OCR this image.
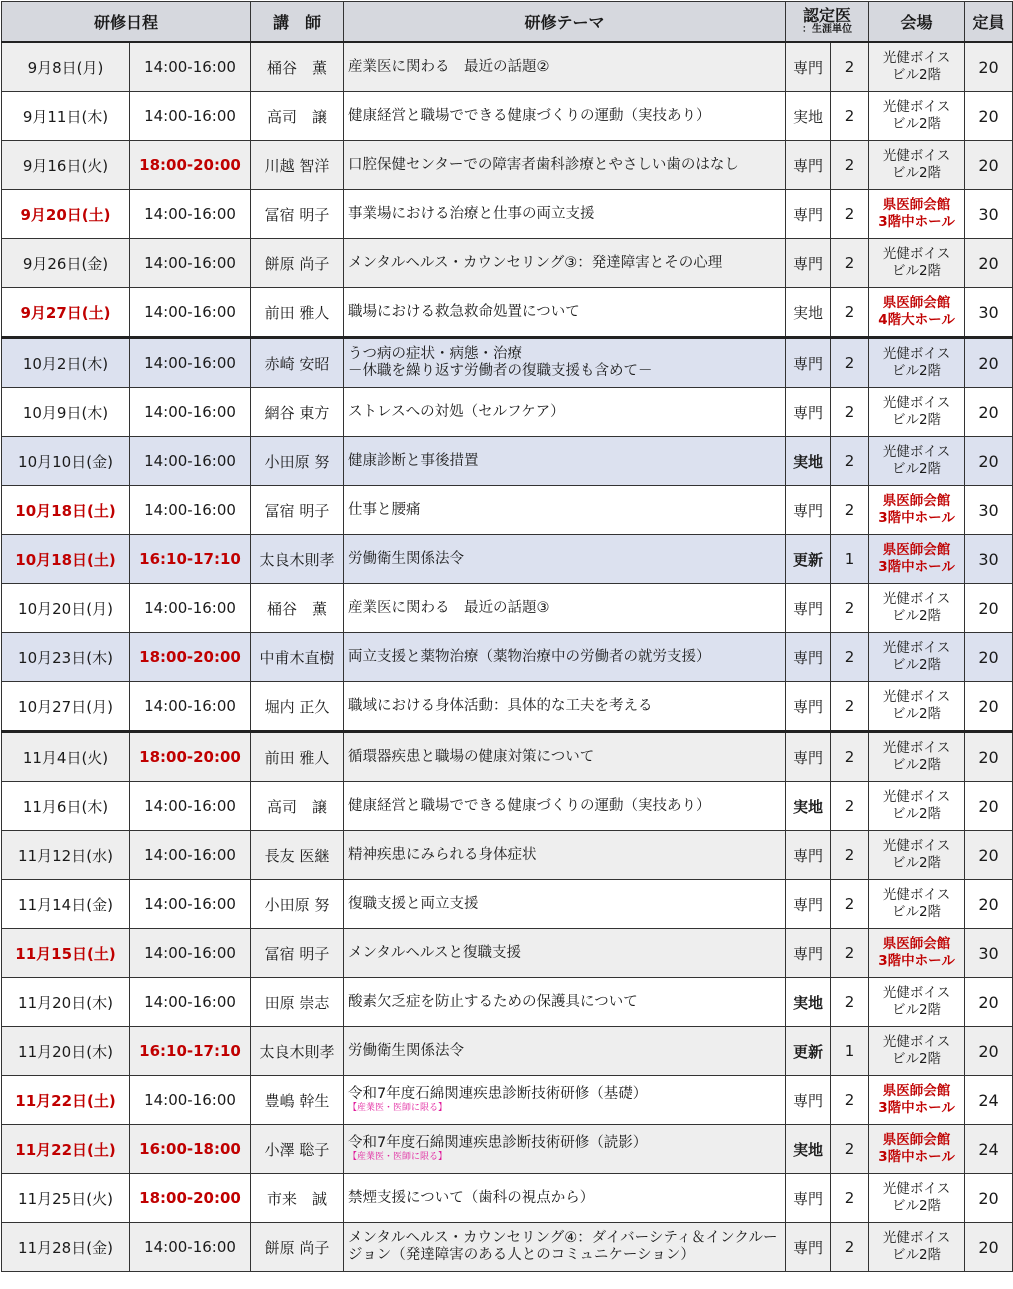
研修日程		講　師	研修テーマ	認定医
：生涯単位		会場	定員
9月8日(月)	14:00-16:00	桶谷　薫	産業医に関わる　最近の話題②	専門	2	光健ボイス
ビル2階	20
9月11日(木)	14:00-16:00	高司　譲	健康経営と職場でできる健康づくりの運動（実技あり）	実地	2	光健ボイス
ビル2階	20
9月16日(火)	18:00-20:00	川越 智洋	口腔保健センターでの障害者歯科診療とやさしい歯のはなし	専門	2	光健ボイス
ビル2階	20
9月20日(土)	14:00-16:00	冨宿 明子	事業場における治療と仕事の両立支援	専門	2	県医師会館
3階中ホール	30
9月26日(金)	14:00-16:00	餅原 尚子	メンタルヘルス・カウンセリング③：発達障害とその心理	専門	2	光健ボイス
ビル2階	20
9月27日(土)	14:00-16:00	前田 雅人	職場における救急救命処置について	実地	2	県医師会館
4階大ホール	30
10月2日(木)	14:00-16:00	赤崎 安昭	うつ病の症状・病態・治療
－休職を繰り返す労働者の復職支援も含めて－	専門	2	光健ボイス
ビル2階	20
10月9日(木)	14:00-16:00	網谷 東方	ストレスへの対処（セルフケア）	専門	2	光健ボイス
ビル2階	20
10月10日(金)	14:00-16:00	小田原 努	健康診断と事後措置	実地	2	光健ボイス
ビル2階	20
10月18日(土)	14:00-16:00	冨宿 明子	仕事と腰痛	専門	2	県医師会館
3階中ホール	30
10月18日(土)	16:10-17:10	太良木則孝	労働衛生関係法令	更新	1	県医師会館
3階中ホール	30
10月20日(月)	14:00-16:00	桶谷　薫	産業医に関わる　最近の話題③	専門	2	光健ボイス
ビル2階	20
10月23日(木)	18:00-20:00	中甫木直樹	両立支援と薬物治療（薬物治療中の労働者の就労支援）	専門	2	光健ボイス
ビル2階	20
10月27日(月)	14:00-16:00	堀内 正久	職域における身体活動：具体的な工夫を考える	専門	2	光健ボイス
ビル2階	20
11月4日(火)	18:00-20:00	前田 雅人	循環器疾患と職場の健康対策について	専門	2	光健ボイス
ビル2階	20
11月6日(木)	14:00-16:00	高司　譲	健康経営と職場でできる健康づくりの運動（実技あり）	実地	2	光健ボイス
ビル2階	20
11月12日(水)	14:00-16:00	長友 医継	精神疾患にみられる身体症状	専門	2	光健ボイス
ビル2階	20
11月14日(金)	14:00-16:00	小田原 努	復職支援と両立支援	専門	2	光健ボイス
ビル2階	20
11月15日(土)	14:00-16:00	冨宿 明子	メンタルヘルスと復職支援	専門	2	県医師会館
3階中ホール	30
11月20日(木)	14:00-16:00	田原 崇志	酸素欠乏症を防止するための保護具について	実地	2	光健ボイス
ビル2階	20
11月20日(木)	16:10-17:10	太良木則孝	労働衛生関係法令	更新	1	光健ボイス
ビル2階	20
11月22日(土)	14:00-16:00	豊嶋 幹生	令和7年度石綿関連疾患診断技術研修（基礎）
【産業医・医師に限る】	専門	2	県医師会館
3階中ホール	24
11月22日(土)	16:00-18:00	小澤 聡子	令和7年度石綿関連疾患診断技術研修（読影）
【産業医・医師に限る】	実地	2	県医師会館
3階中ホール	24
11月25日(火)	18:00-20:00	市来　誠	禁煙支援について（歯科の視点から）	専門	2	光健ボイス
ビル2階	20
11月28日(金)	14:00-16:00	餅原 尚子	メンタルヘルス・カウンセリング④：ダイバーシティ＆インクルー
ジョン（発達障害のある人とのコミュニケーション）	専門	2	光健ボイス
ビル2階	20
